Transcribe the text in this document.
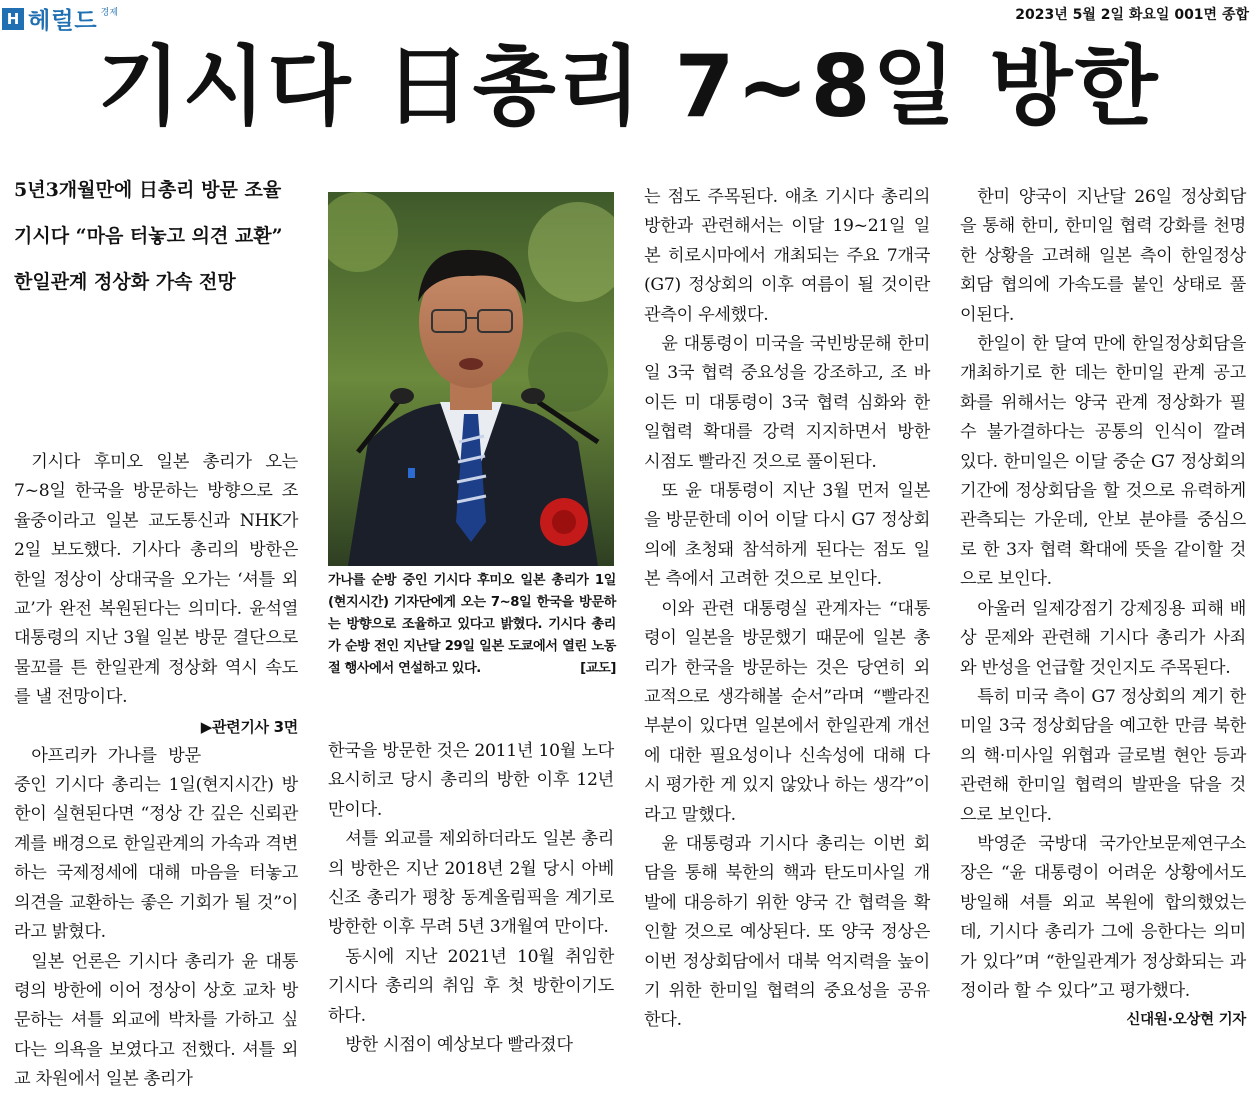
H 헤럴드 경제	2023년 5월 2일 화요일 001면 종합
기시다 日총리 7~8일 방한
5년3개월만에 日총리 방문 조율
기시다 “마음 터놓고 의견 교환”
한일관계 정상화 가속 전망

기시다 후미오 일본 총리가 오는 7~8일 한국을 방문하는 방향으로 조율중이라고 일본 교도통신과 NHK가 2일 보도했다. 기사다 총리의 방한은 한일 정상이 상대국을 오가는 ‘셔틀 외교’가 완전 복원된다는 의미다. 윤석열 대통령의 지난 3월 일본 방문 결단으로 물꼬를 튼 한일관계 정상화 역시 속도를 낼 전망이다.

▶관련기사 3면

아프리카 가나를 방문중인 기시다 총리는 1일(현지시간) 방한이 실현된다면 “정상 간 깊은 신뢰관계를 배경으로 한일관계의 가속과 격변하는 국제정세에 대해 마음을 터놓고 의견을 교환하는 좋은 기회가 될 것”이라고 밝혔다.

일본 언론은 기시다 총리가 윤 대통령의 방한에 이어 정상이 상호 교차 방문하는 셔틀 외교에 박차를 가하고 싶다는 의욕을 보였다고 전했다. 셔틀 외교 차원에서 일본 총리가

가나를 순방 중인 기시다 후미오 일본 총리가 1일(현지시간) 기자단에게 오는 7~8일 한국을 방문하는 방향으로 조율하고 있다고 밝혔다. 기시다 총리가 순방 전인 지난달 29일 일본 도쿄에서 열린 노동절 행사에서 연설하고 있다.	[교도]

한국을 방문한 것은 2011년 10월 노다 요시히코 당시 총리의 방한 이후 12년만이다.

셔틀 외교를 제외하더라도 일본 총리의 방한은 지난 2018년 2월 당시 아베 신조 총리가 평창 동계올림픽을 계기로 방한한 이후 무려 5년 3개월여 만이다.

동시에 지난 2021년 10월 취임한 기시다 총리의 취임 후 첫 방한이기도 하다.

방한 시점이 예상보다 빨라졌다

는 점도 주목된다. 애초 기시다 총리의 방한과 관련해서는 이달 19~21일 일본 히로시마에서 개최되는 주요 7개국(G7) 정상회의 이후 여름이 될 것이란 관측이 우세했다.

윤 대통령이 미국을 국빈방문해 한미일 3국 협력 중요성을 강조하고, 조 바이든 미 대통령이 3국 협력 심화와 한일협력 확대를 강력 지지하면서 방한 시점도 빨라진 것으로 풀이된다.

또 윤 대통령이 지난 3월 먼저 일본을 방문한데 이어 이달 다시 G7 정상회의에 초청돼 참석하게 된다는 점도 일본 측에서 고려한 것으로 보인다.

이와 관련 대통령실 관계자는 “대통령이 일본을 방문했기 때문에 일본 총리가 한국을 방문하는 것은 당연히 외교적으로 생각해볼 순서”라며 “빨라진 부분이 있다면 일본에서 한일관계 개선에 대한 필요성이나 신속성에 대해 다시 평가한 게 있지 않았나 하는 생각”이라고 말했다.

윤 대통령과 기시다 총리는 이번 회담을 통해 북한의 핵과 탄도미사일 개발에 대응하기 위한 양국 간 협력을 확인할 것으로 예상된다. 또 양국 정상은 이번 정상회담에서 대북 억지력을 높이기 위한 한미일 협력의 중요성을 공유한다.

한미 양국이 지난달 26일 정상회담을 통해 한미, 한미일 협력 강화를 천명한 상황을 고려해 일본 측이 한일정상회담 협의에 가속도를 붙인 상태로 풀이된다.

한일이 한 달여 만에 한일정상회담을 개최하기로 한 데는 한미일 관계 공고화를 위해서는 양국 관계 정상화가 필수 불가결하다는 공통의 인식이 깔려 있다. 한미일은 이달 중순 G7 정상회의 기간에 정상회담을 할 것으로 유력하게 관측되는 가운데, 안보 분야를 중심으로 한 3자 협력 확대에 뜻을 같이할 것으로 보인다.

아울러 일제강점기 강제징용 피해 배상 문제와 관련해 기시다 총리가 사죄와 반성을 언급할 것인지도 주목된다.

특히 미국 측이 G7 정상회의 계기 한미일 3국 정상회담을 예고한 만큼 북한의 핵·미사일 위협과 글로벌 현안 등과 관련해 한미일 협력의 발판을 닦을 것으로 보인다.

박영준 국방대 국가안보문제연구소장은 “윤 대통령이 어려운 상황에서도 방일해 셔틀 외교 복원에 합의했었는데, 기시다 총리가 그에 응한다는 의미가 있다”며 “한일관계가 정상화되는 과정이라 할 수 있다”고 평가했다.

신대원·오상현 기자
